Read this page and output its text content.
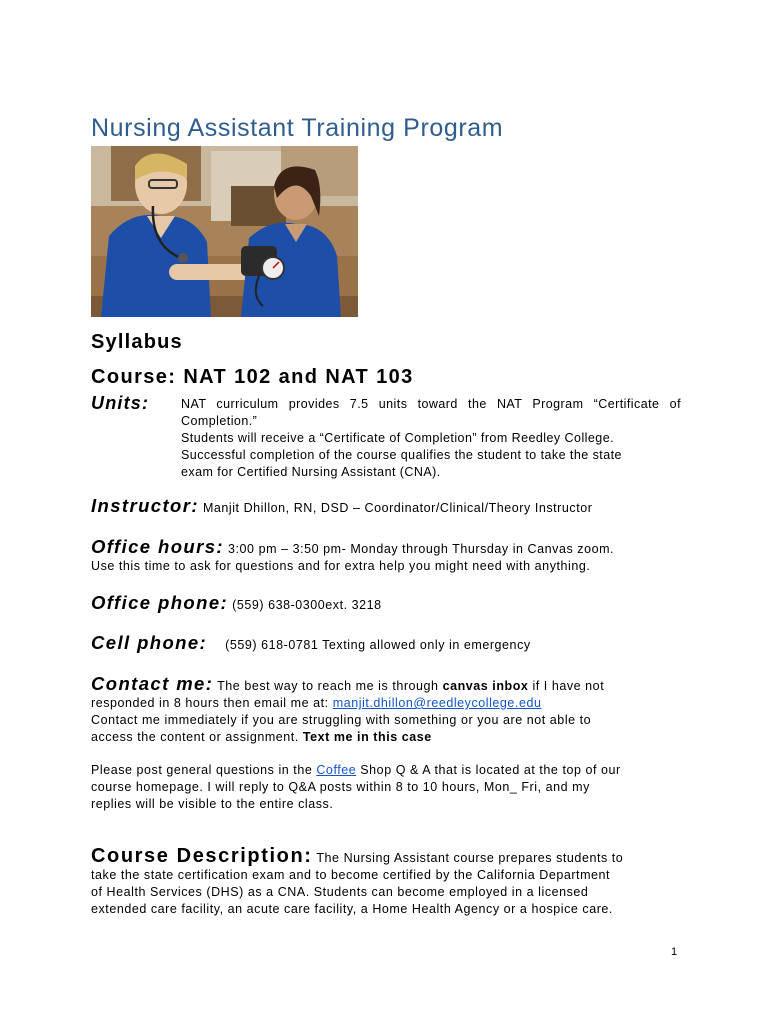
Nursing Assistant Training Program
Syllabus
Course: NAT 102 and NAT 103
Units:	NAT curriculum provides 7.5 units toward the NAT Program “Certificate of

Completion.”

Students will receive a “Certificate of Completion” from Reedley College.

Successful completion of the course qualifies the student to take the state

exam for Certified Nursing Assistant (CNA).

Instructor: Manjit Dhillon, RN, DSD – Coordinator/Clinical/Theory Instructor
Office hours: 3:00 pm – 3:50 pm- Monday through Thursday in Canvas zoom.
Use this time to ask for questions and for extra help you might need with anything.
Office phone: (559) 638-0300ext. 3218
Cell phone: (559) 618-0781 Texting allowed only in emergency
Contact me: The best way to reach me is through canvas inbox if I have not
responded in 8 hours then email me at: manjit.dhillon@reedleycollege.edu
Contact me immediately if you are struggling with something or you are not able to
access the content or assignment. Text me in this case
Please post general questions in the Coffee Shop Q & A that is located at the top of our
course homepage. I will reply to Q&A posts within 8 to 10 hours, Mon_ Fri, and my
replies will be visible to the entire class.
Course Description: The Nursing Assistant course prepares students to
take the state certification exam and to become certified by the California Department
of Health Services (DHS) as a CNA. Students can become employed in a licensed
extended care facility, an acute care facility, a Home Health Agency or a hospice care.
1
